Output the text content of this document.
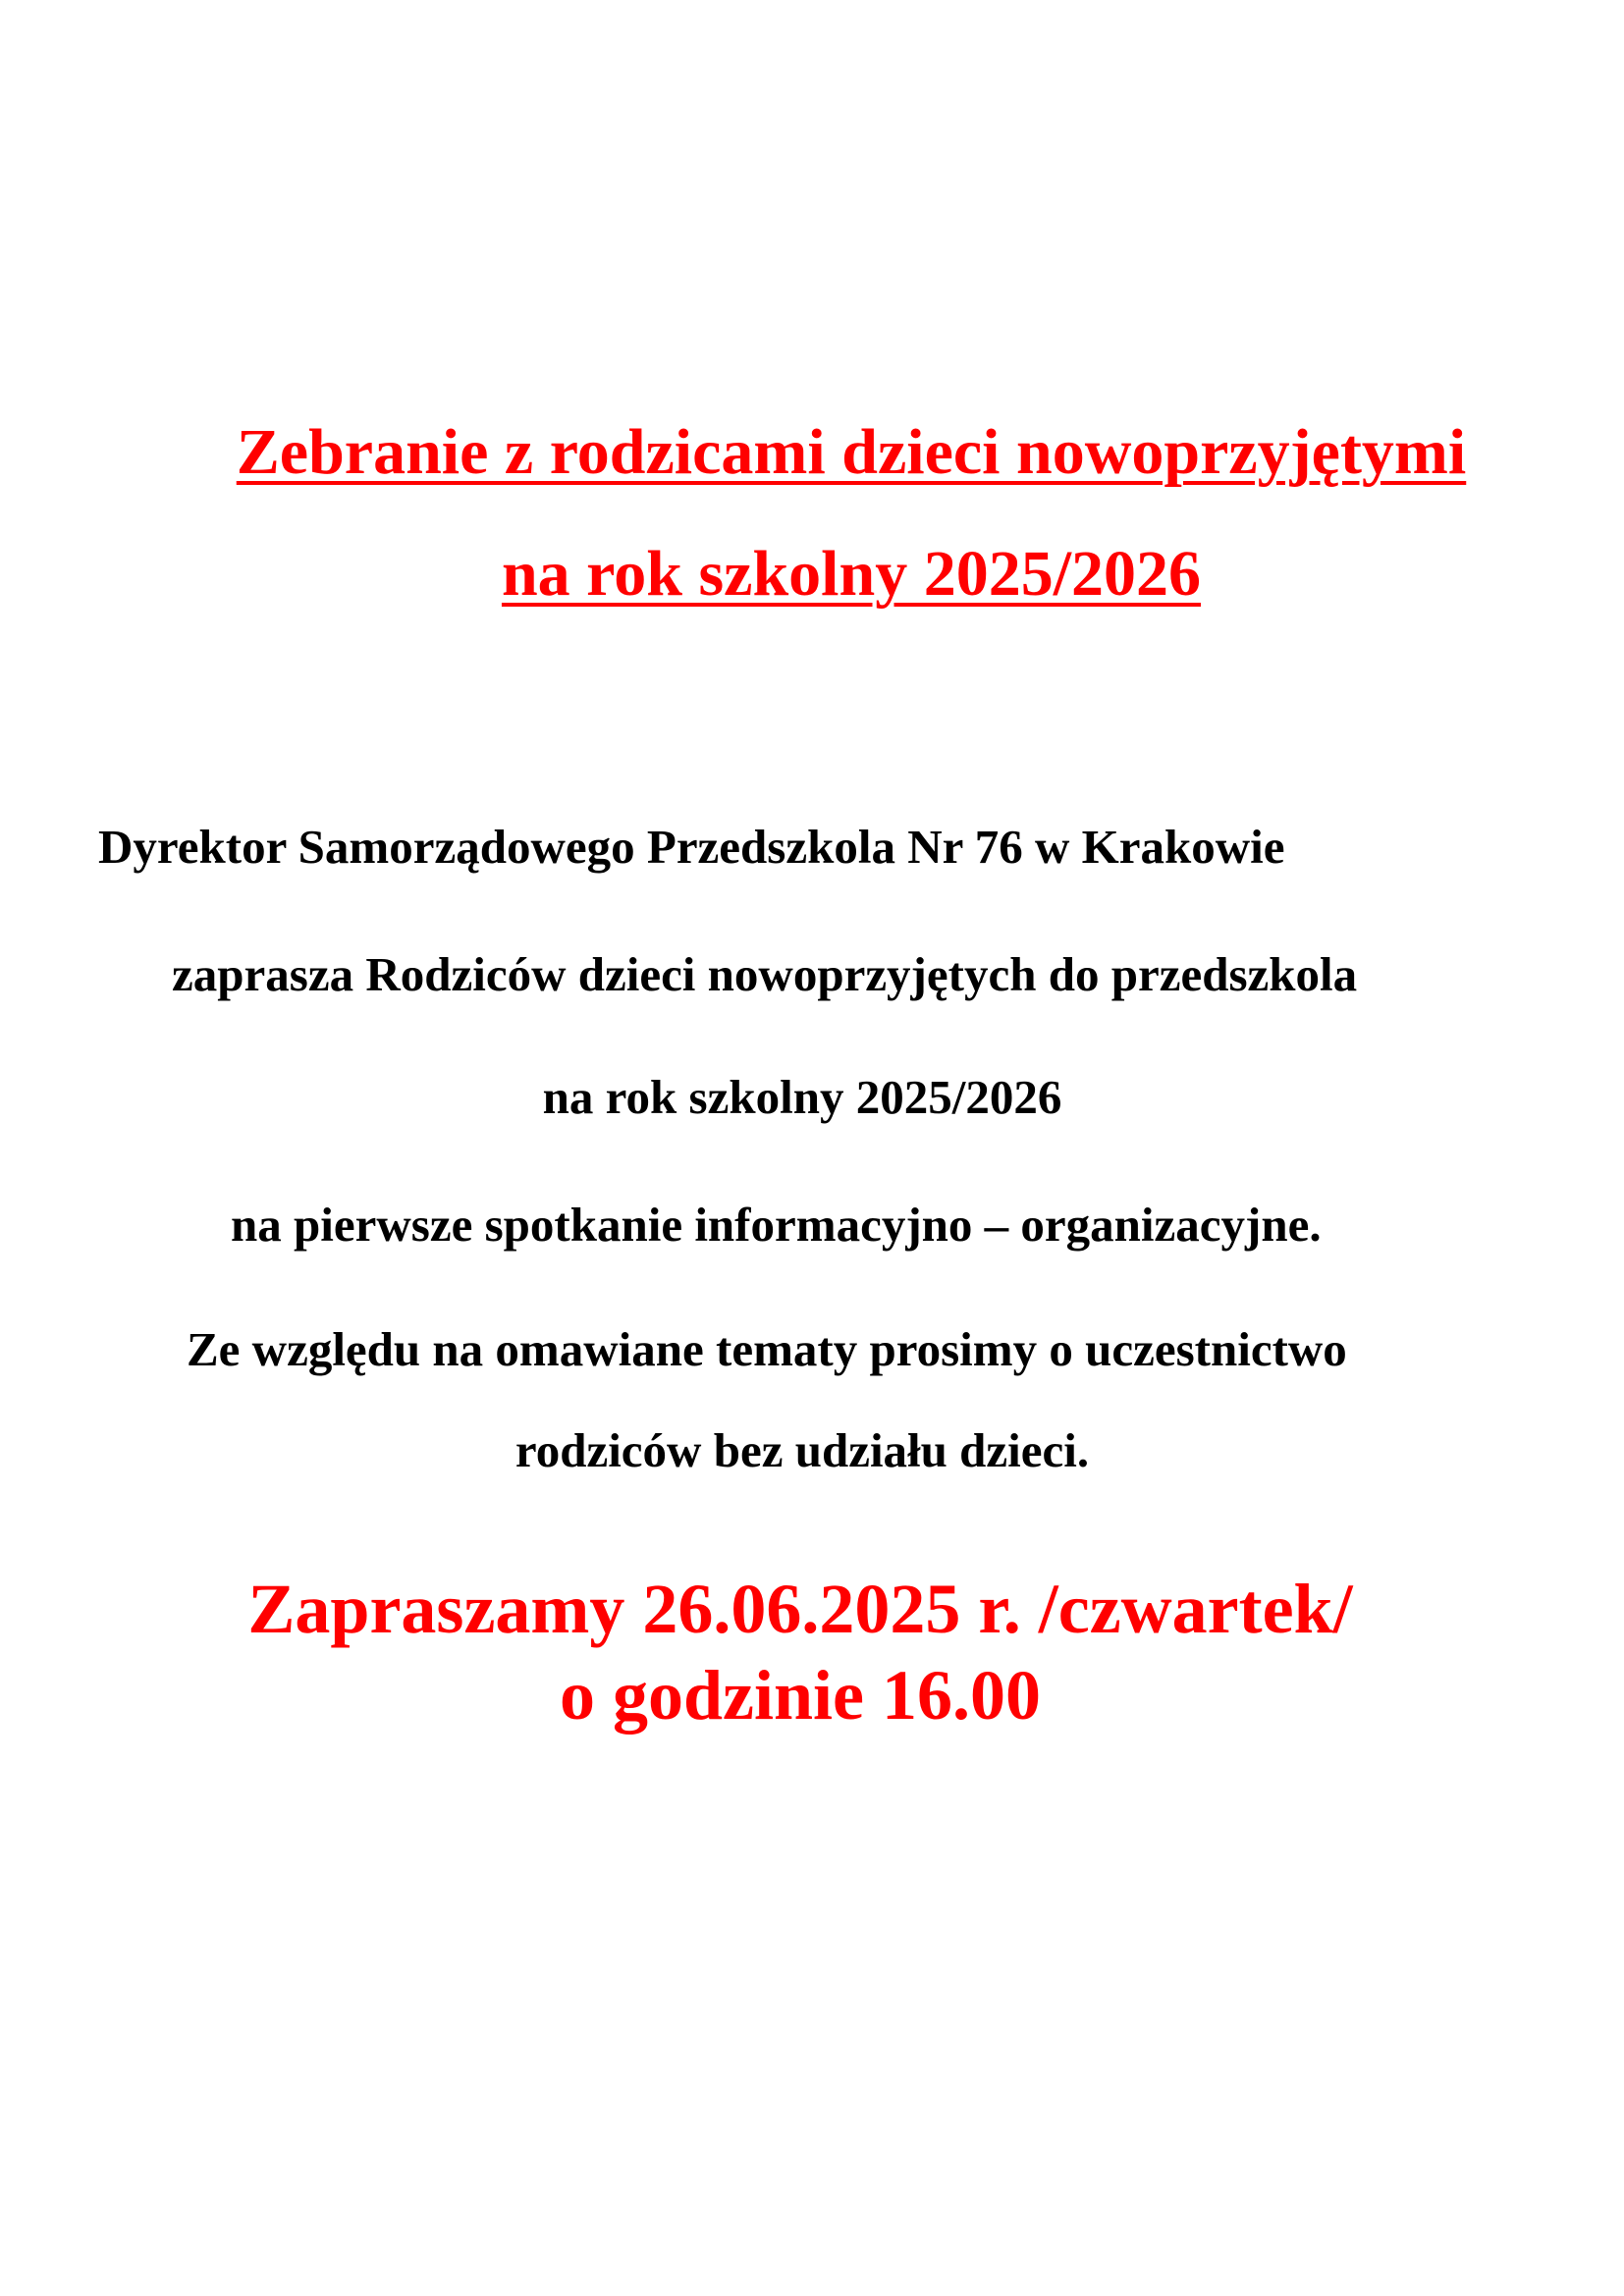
Zebranie z rodzicami dzieci nowoprzyjętymi
na rok szkolny 2025/2026
Dyrektor Samorządowego Przedszkola Nr 76 w Krakowie
zaprasza Rodziców dzieci nowoprzyjętych do przedszkola
na rok szkolny 2025/2026
na pierwsze spotkanie informacyjno – organizacyjne.
Ze względu na omawiane tematy prosimy o uczestnictwo
rodziców bez udziału dzieci.
Zapraszamy 26.06.2025 r. /czwartek/
o godzinie 16.00
